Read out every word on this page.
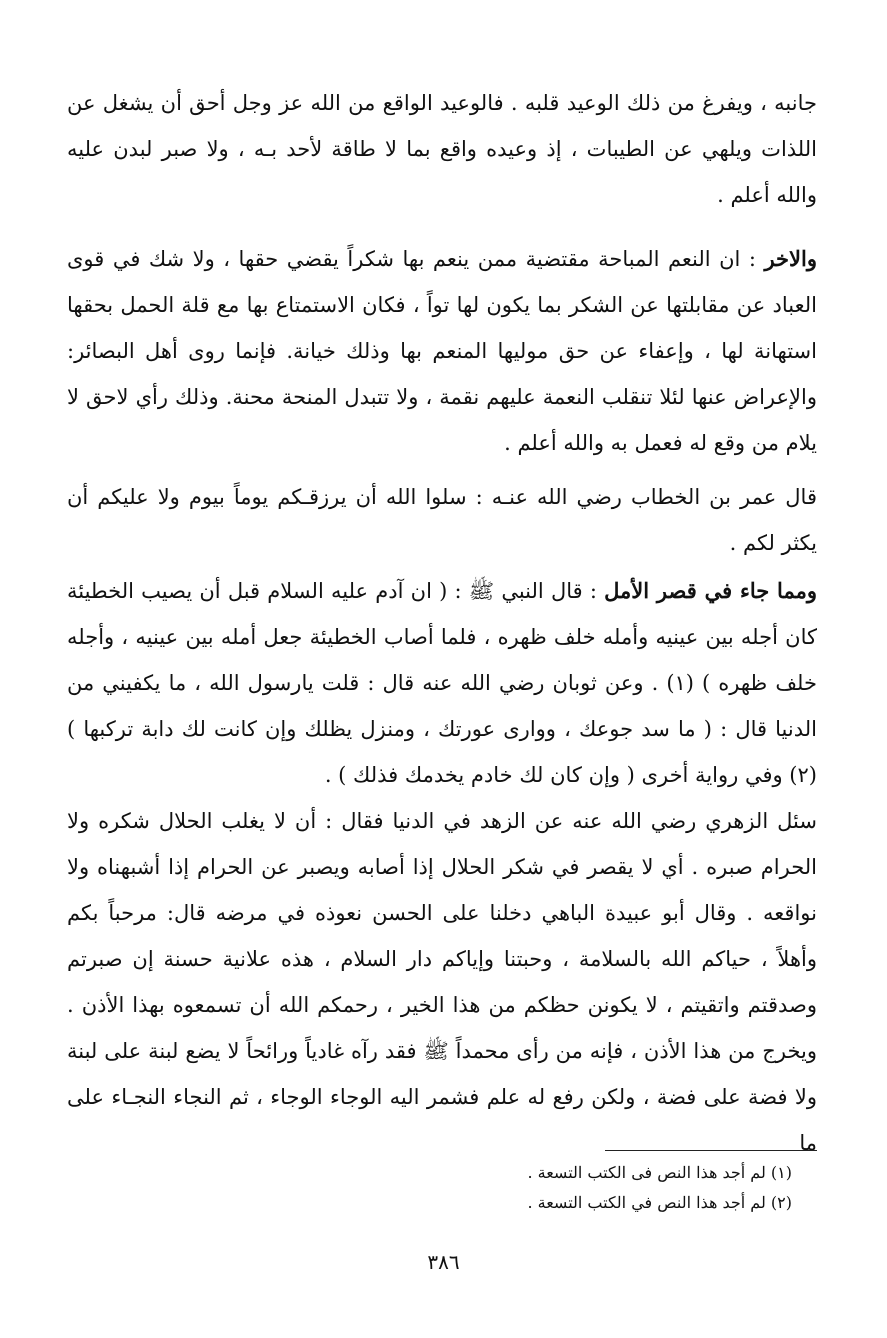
جانبه ، ويفرغ من ذلك الوعيد قلبه . فالوعيد الواقع من الله عز وجل أحق أن يشغل عن اللذات ويلهي عن الطيبات ، إذ وعيده واقع بما لا طاقة لأحد بـه ، ولا صبر لبدن عليه والله أعلم .

والاخر : ان النعم المباحة مقتضية ممن ينعم بها شكراً يقضي حقها ، ولا شك في قوى العباد عن مقابلتها عن الشكر بما يكون لها تواً ، فكان الاستمتاع بها مع قلة الحمل بحقها استهانة لها ، وإعفاء عن حق موليها المنعم بها وذلك خيانة. فإنما روى أهل البصائر: والإعراض عنها لئلا تنقلب النعمة عليهم نقمة ، ولا تتبدل المنحة محنة. وذلك رأي لاحق لا يلام من وقع له فعمل به والله أعلم .

قال عمر بن الخطاب رضي الله عنـه : سلوا الله أن يرزقـكم يوماً بيوم ولا عليكم أن يكثر لكم .

ومما جاء في قصر الأمل : قال النبي ﷺ : ( ان آدم عليه السلام قبل أن يصيب الخطيئة كان أجله بين عينيه وأمله خلف ظهره ، فلما أصاب الخطيئة جعل أمله بين عينيه ، وأجله خلف ظهره ) (١) . وعن ثوبان رضي الله عنه قال : قلت يارسول الله ، ما يكفيني من الدنيا قال : ( ما سد جوعك ، ووارى عورتك ، ومنزل يظلك وإن كانت لك دابة تركبها ) (٢) وفي رواية أخرى ( وإن كان لك خادم يخدمك فذلك ) .

سئل الزهري رضي الله عنه عن الزهد في الدنيا فقال : أن لا يغلب الحلال شكره ولا الحرام صبره . أي لا يقصر في شكر الحلال إذا أصابه ويصبر عن الحرام إذا أشبهناه ولا نواقعه . وقال أبو عبيدة الباهي دخلنا على الحسن نعوذه في مرضه قال: مرحباً بكم وأهلاً ، حياكم الله بالسلامة ، وحبتنا وإياكم دار السلام ، هذه علانية حسنة إن صبرتم وصدقتم واتقيتم ، لا يكونن حظكم من هذا الخير ، رحمكم الله أن تسمعوه بهذا الأذن . ويخرج من هذا الأذن ، فإنه من رأى محمداً ﷺ فقد رآه غادياً ورائحاً لا يضع لبنة على لبنة ولا فضة على فضة ، ولكن رفع له علم فشمر اليه الوجاء الوجاء ، ثم النجاء النجـاء على ما

(١) لم أجد هذا النص فى الكتب التسعة .

(٢) لم أجد هذا النص في الكتب التسعة .

٣٨٦
